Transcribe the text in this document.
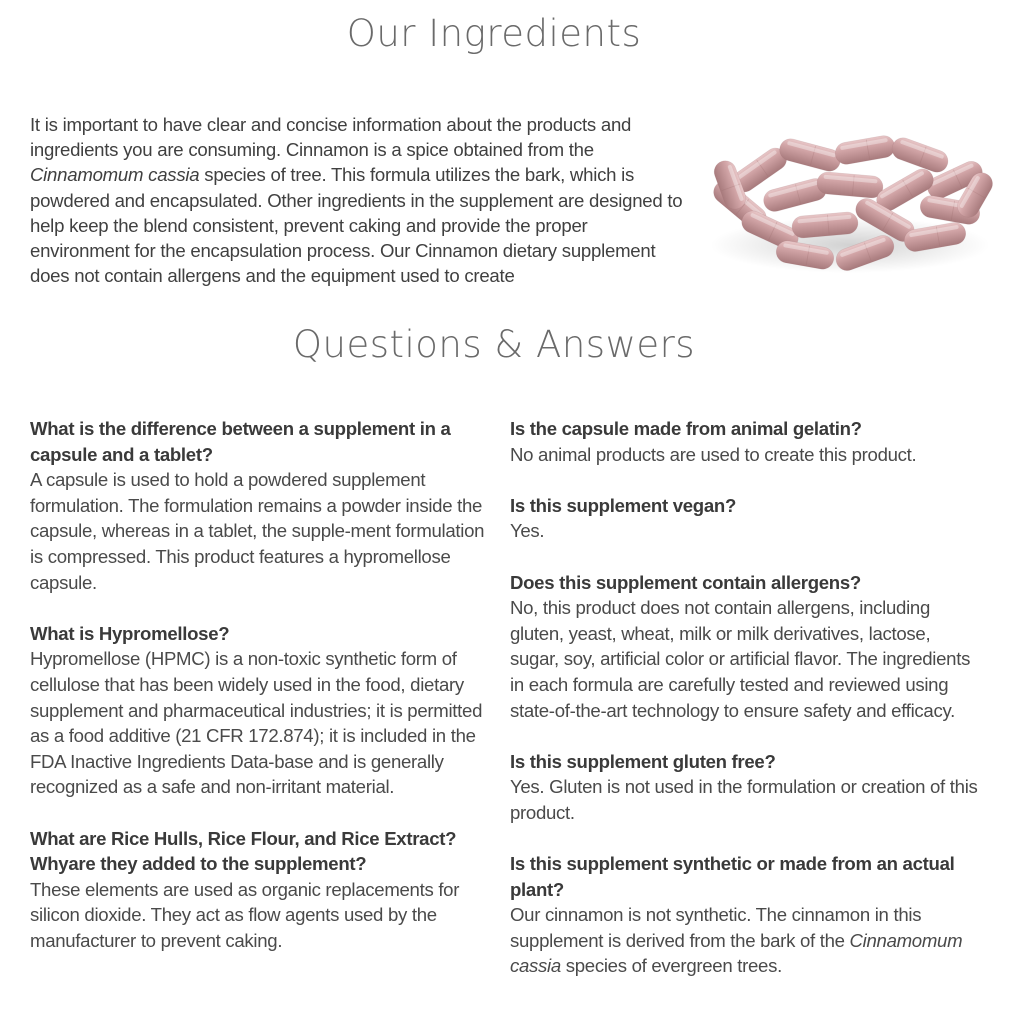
Our Ingredients

It is important to have clear and concise information about the products and ingredients you are consuming. Cinnamon is a spice obtained from the Cinnamomum cassia species of tree. This formula utilizes the bark, which is powdered and encapsulated. Other ingredients in the supplement are designed to help keep the blend consistent, prevent caking and provide the proper environment for the encapsulation process. Our Cinnamon dietary supplement does not contain allergens and the equipment used to create

Questions & Answers

What is the difference between a supplement in a capsule and a tablet?

A capsule is used to hold a powdered supplement formulation. The formulation remains a powder inside the capsule, whereas in a tablet, the supple-ment formulation is compressed. This product features a hypromellose capsule.

What is Hypromellose?

Hypromellose (HPMC) is a non-toxic synthetic form of cellulose that has been widely used in the food, dietary supplement and pharmaceutical industries; it is permitted as a food additive (21 CFR 172.874); it is included in the FDA Inactive Ingredients Data-base and is generally recognized as a safe and non-irritant material.

What are Rice Hulls, Rice Flour, and Rice Extract? Whyare they added to the supplement?

These elements are used as organic replacements for silicon dioxide. They act as flow agents used by the manufacturer to prevent caking.

Is the capsule made from animal gelatin?

No animal products are used to create this product.

Is this supplement vegan?

Yes.

Does this supplement contain allergens?

No, this product does not contain allergens, including gluten, yeast, wheat, milk or milk derivatives, lactose, sugar, soy, artificial color or artificial flavor. The ingredients in each formula are carefully tested and reviewed using state-of-the-art technology to ensure safety and efficacy.

Is this supplement gluten free?

Yes. Gluten is not used in the formulation or creation of this product.

Is this supplement synthetic or made from an actual plant?

Our cinnamon is not synthetic. The cinnamon in this supplement is derived from the bark of the Cinnamomum cassia species of evergreen trees.
